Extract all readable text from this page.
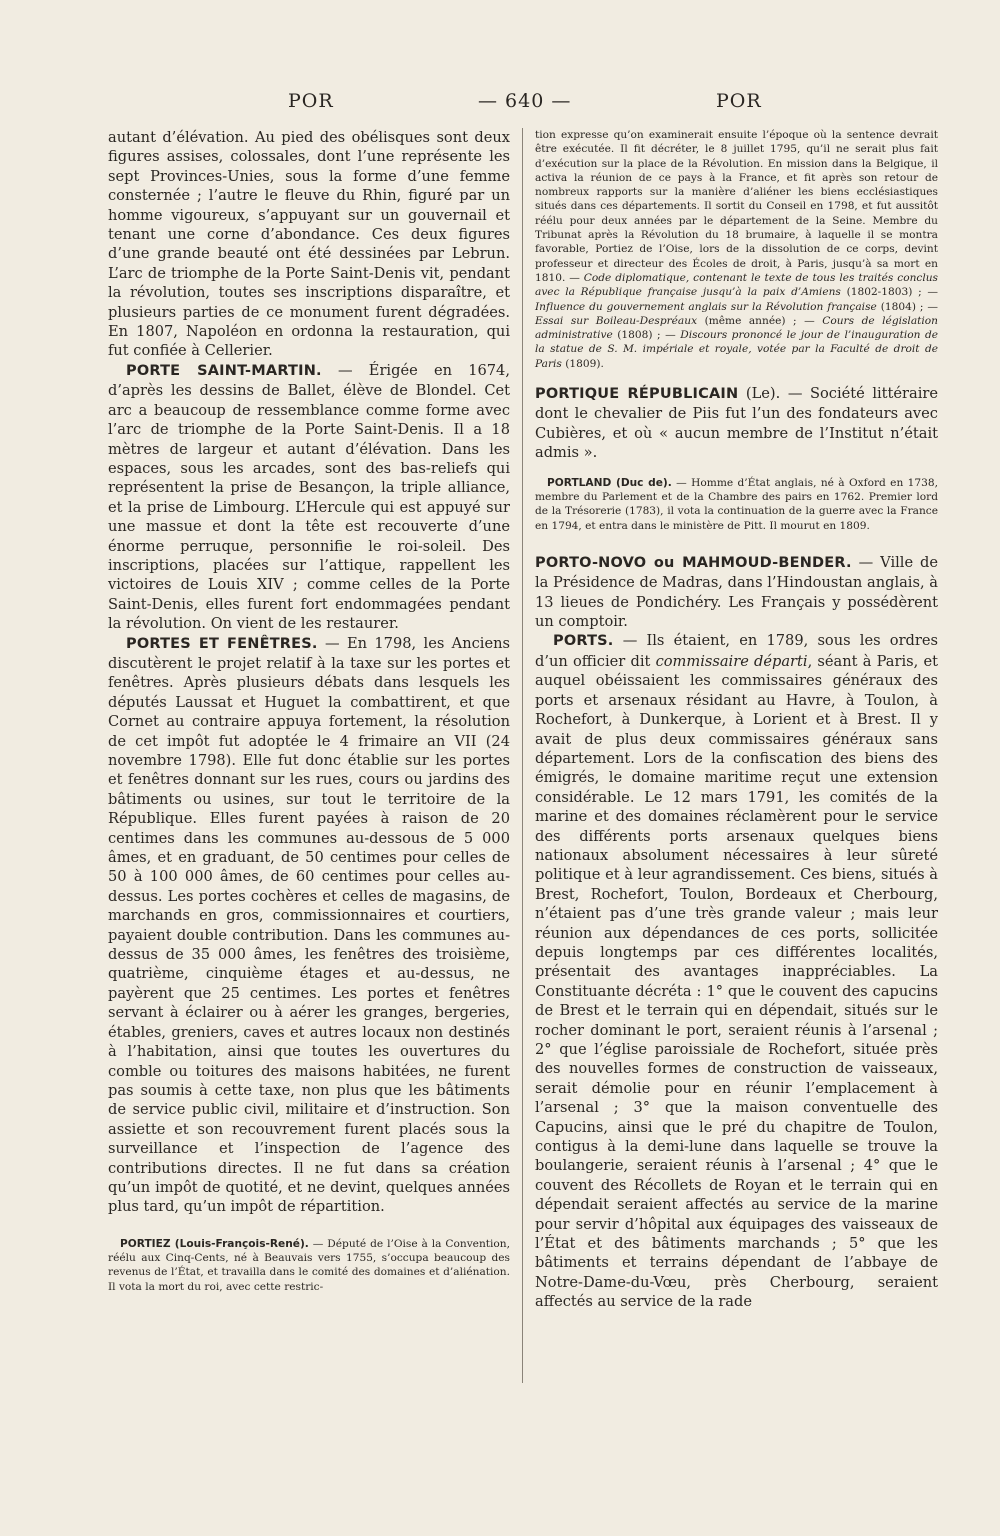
POR	— 640 —	POR

autant d’élévation. Au pied des obélisques sont deux figures assises, colossales, dont l’une représente les sept Provinces-Unies, sous la forme d’une femme consternée ; l’autre le fleuve du Rhin, figuré par un homme vigoureux, s’appuyant sur un gouvernail et tenant une corne d’abondance. Ces deux figures d’une grande beauté ont été dessinées par Lebrun. L’arc de triomphe de la Porte Saint-Denis vit, pendant la révolution, toutes ses inscriptions disparaître, et plusieurs parties de ce monument furent dégradées. En 1807, Napoléon en ordonna la restauration, qui fut confiée à Cellerier.

PORTE SAINT-MARTIN. — Érigée en 1674, d’après les dessins de Ballet, élève de Blondel. Cet arc a beaucoup de ressemblance comme forme avec l’arc de triomphe de la Porte Saint-Denis. Il a 18 mètres de largeur et autant d’élévation. Dans les espaces, sous les arcades, sont des bas-reliefs qui représentent la prise de Besançon, la triple alliance, et la prise de Limbourg. L’Hercule qui est appuyé sur une massue et dont la tête est recouverte d’une énorme perruque, personnifie le roi-soleil. Des inscriptions, placées sur l’attique, rappellent les victoires de Louis XIV ; comme celles de la Porte Saint-Denis, elles furent fort endommagées pendant la révolution. On vient de les restaurer.

PORTES ET FENÊTRES. — En 1798, les Anciens discutèrent le projet relatif à la taxe sur les portes et fenêtres. Après plusieurs débats dans lesquels les députés Laussat et Huguet la combattirent, et que Cornet au contraire appuya fortement, la résolution de cet impôt fut adoptée le 4 frimaire an VII (24 novembre 1798). Elle fut donc établie sur les portes et fenêtres donnant sur les rues, cours ou jardins des bâtiments ou usines, sur tout le territoire de la République. Elles furent payées à raison de 20 centimes dans les communes au-dessous de 5 000 âmes, et en graduant, de 50 centimes pour celles de 50 à 100 000 âmes, de 60 centimes pour celles au-dessus. Les portes cochères et celles de magasins, de marchands en gros, commissionnaires et courtiers, payaient double contribution. Dans les communes au-dessus de 35 000 âmes, les fenêtres des troisième, quatrième, cinquième étages et au-dessus, ne payèrent que 25 centimes. Les portes et fenêtres servant à éclairer ou à aérer les granges, bergeries, étables, greniers, caves et autres locaux non destinés à l’habitation, ainsi que toutes les ouvertures du comble ou toitures des maisons habitées, ne furent pas soumis à cette taxe, non plus que les bâtiments de service public civil, militaire et d’instruction. Son assiette et son recouvrement furent placés sous la surveillance et l’inspection de l’agence des contributions directes. Il ne fut dans sa création qu’un impôt de quotité, et ne devint, quelques années plus tard, qu’un impôt de répartition.

PORTIEZ (Louis-François-René). — Député de l’Oise à la Convention, réélu aux Cinq-Cents, né à Beauvais vers 1755, s’occupa beaucoup des revenus de l’État, et travailla dans le comité des domaines et d’aliénation. Il vota la mort du roi, avec cette restric-

tion expresse qu’on examinerait ensuite l’époque où la sentence devrait être exécutée. Il fit décréter, le 8 juillet 1795, qu’il ne serait plus fait d’exécution sur la place de la Révolution. En mission dans la Belgique, il activa la réunion de ce pays à la France, et fit après son retour de nombreux rapports sur la manière d’aliéner les biens ecclésiastiques situés dans ces départements. Il sortit du Conseil en 1798, et fut aussitôt réélu pour deux années par le département de la Seine. Membre du Tribunat après la Révolution du 18 brumaire, à laquelle il se montra favorable, Portiez de l’Oise, lors de la dissolution de ce corps, devint professeur et directeur des Écoles de droit, à Paris, jusqu’à sa mort en 1810. — Code diplomatique, contenant le texte de tous les traités conclus avec la République française jusqu’à la paix d’Amiens (1802-1803) ; — Influence du gouvernement anglais sur la Révolution française (1804) ; — Essai sur Boileau-Despréaux (même année) ; — Cours de législation administrative (1808) ; — Discours prononcé le jour de l’inauguration de la statue de S. M. impériale et royale, votée par la Faculté de droit de Paris (1809).

PORTIQUE RÉPUBLICAIN (Le). — Société littéraire dont le chevalier de Piis fut l’un des fondateurs avec Cubières, et où « aucun membre de l’Institut n’était admis ».

PORTLAND (Duc de). — Homme d’État anglais, né à Oxford en 1738, membre du Parlement et de la Chambre des pairs en 1762. Premier lord de la Trésorerie (1783), il vota la continuation de la guerre avec la France en 1794, et entra dans le ministère de Pitt. Il mourut en 1809.

PORTO-NOVO ou MAHMOUD-BENDER. — Ville de la Présidence de Madras, dans l’Hindoustan anglais, à 13 lieues de Pondichéry. Les Français y possédèrent un comptoir.

PORTS. — Ils étaient, en 1789, sous les ordres d’un officier dit commissaire départi, séant à Paris, et auquel obéissaient les commissaires généraux des ports et arsenaux résidant au Havre, à Toulon, à Rochefort, à Dunkerque, à Lorient et à Brest. Il y avait de plus deux commissaires généraux sans département. Lors de la confiscation des biens des émigrés, le domaine maritime reçut une extension considérable. Le 12 mars 1791, les comités de la marine et des domaines réclamèrent pour le service des différents ports arsenaux quelques biens nationaux absolument nécessaires à leur sûreté politique et à leur agrandissement. Ces biens, situés à Brest, Rochefort, Toulon, Bordeaux et Cherbourg, n’étaient pas d’une très grande valeur ; mais leur réunion aux dépendances de ces ports, sollicitée depuis longtemps par ces différentes localités, présentait des avantages inappréciables. La Constituante décréta : 1° que le couvent des capucins de Brest et le terrain qui en dépendait, situés sur le rocher dominant le port, seraient réunis à l’arsenal ; 2° que l’église paroissiale de Rochefort, située près des nouvelles formes de construction de vaisseaux, serait démolie pour en réunir l’emplacement à l’arsenal ; 3° que la maison conventuelle des Capucins, ainsi que le pré du chapitre de Toulon, contigus à la demi-lune dans laquelle se trouve la boulangerie, seraient réunis à l’arsenal ; 4° que le couvent des Récollets de Royan et le terrain qui en dépendait seraient affectés au service de la marine pour servir d’hôpital aux équipages des vaisseaux de l’État et des bâtiments marchands ; 5° que les bâtiments et terrains dépendant de l’abbaye de Notre-Dame-du-Vœu, près Cherbourg, seraient affectés au service de la rade
